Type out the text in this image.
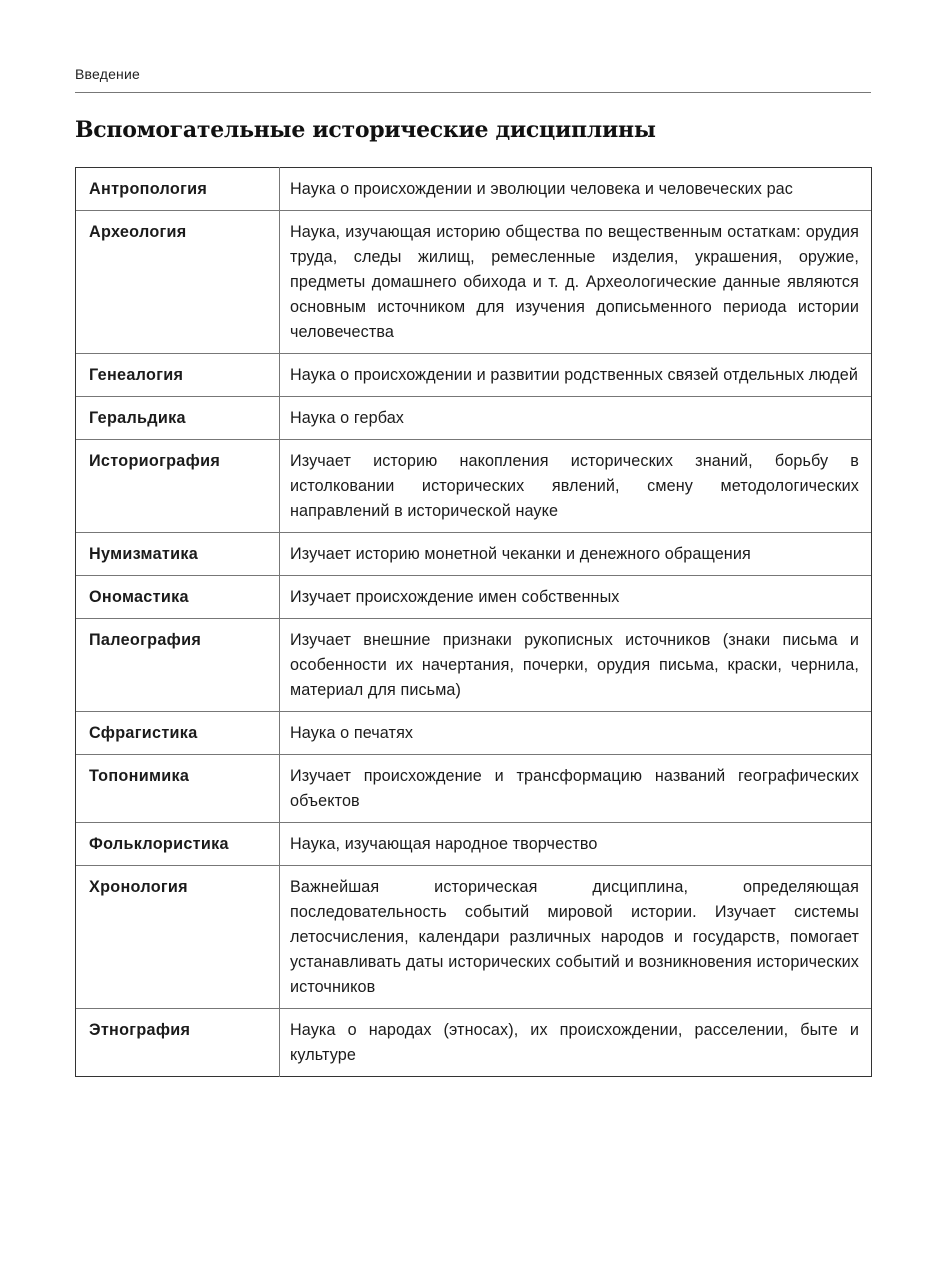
Введение
Вспомогательные исторические дисциплины
Антропология	Наука о происхождении и эволюции человека и человеческих рас
Археология	Наука, изучающая историю общества по вещественным остаткам: орудия труда, следы жилищ, ремесленные изделия, украшения, оружие, предметы домашнего обихода и т. д. Археологические данные являются основным источником для изучения дописьменного периода истории человечества
Генеалогия	Наука о происхождении и развитии родственных связей отдельных людей
Геральдика	Наука о гербах
Историография	Изучает историю накопления исторических знаний, борьбу в истолковании исторических явлений, смену методологических направлений в исторической науке
Нумизматика	Изучает историю монетной чеканки и денежного обращения
Ономастика	Изучает происхождение имен собственных
Палеография	Изучает внешние признаки рукописных источников (знаки письма и особенности их начертания, почерки, орудия письма, краски, чернила, материал для письма)
Сфрагистика	Наука о печатях
Топонимика	Изучает происхождение и трансформацию названий географических объектов
Фольклористика	Наука, изучающая народное творчество
Хронология	Важнейшая историческая дисциплина, определяющая последовательность событий мировой истории. Изучает системы летосчисления, календари различных народов и государств, помогает устанавливать даты исторических событий и возникновения исторических источников
Этнография	Наука о народах (этносах), их происхождении, расселении, быте и культуре
